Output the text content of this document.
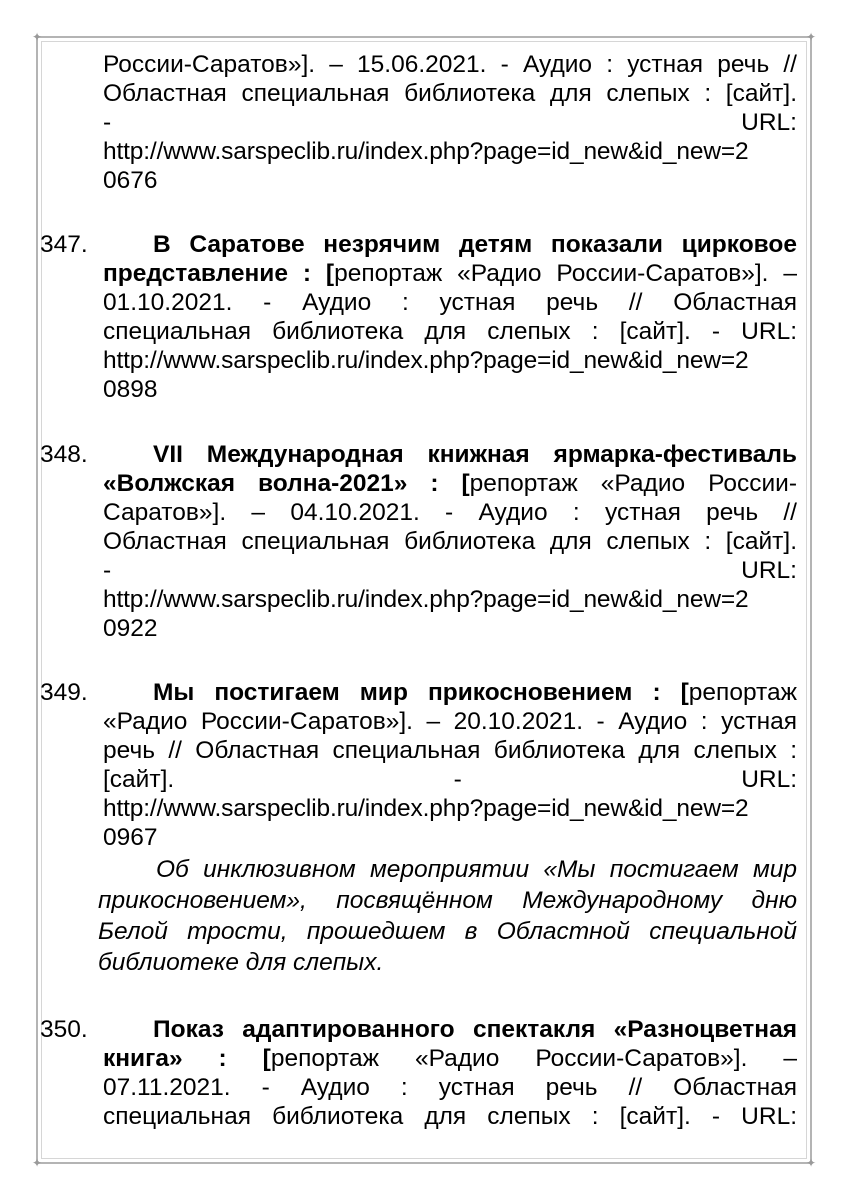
✦	✦
✦	✦
России-Саратов»]. – 15.06.2021. - Аудио : устная речь //
Областная специальная библиотека для слепых : [сайт].
-	URL:
http://www.sarspeclib.ru/index.php?page=id_new&id_new=2
0676
347.	В Саратове незрячим детям показали цирковое
представление : [репортаж «Радио России-Саратов»]. –
01.10.2021. - Аудио : устная речь // Областная
специальная библиотека для слепых : [сайт]. - URL:
http://www.sarspeclib.ru/index.php?page=id_new&id_new=2
0898
348.	VII Международная книжная ярмарка-фестиваль
«Волжская волна-2021» : [репортаж «Радио России-
Саратов»]. – 04.10.2021. - Аудио : устная речь //
Областная специальная библиотека для слепых : [сайт].
-	URL:
http://www.sarspeclib.ru/index.php?page=id_new&id_new=2
0922
349.	Мы постигаем мир прикосновением : [репортаж
«Радио России-Саратов»]. – 20.10.2021. - Аудио : устная
речь // Областная специальная библиотека для слепых :
[сайт].	-	URL:
http://www.sarspeclib.ru/index.php?page=id_new&id_new=2
0967
Об инклюзивном мероприятии «Мы постигаем мир
прикосновением», посвящённом Международному дню
Белой трости, прошедшем в Областной специальной
библиотеке для слепых.
350.	Показ адаптированного спектакля «Разноцветная
книга» : [репортаж «Радио России-Саратов»]. –
07.11.2021. - Аудио : устная речь // Областная
специальная библиотека для слепых : [сайт]. - URL:
